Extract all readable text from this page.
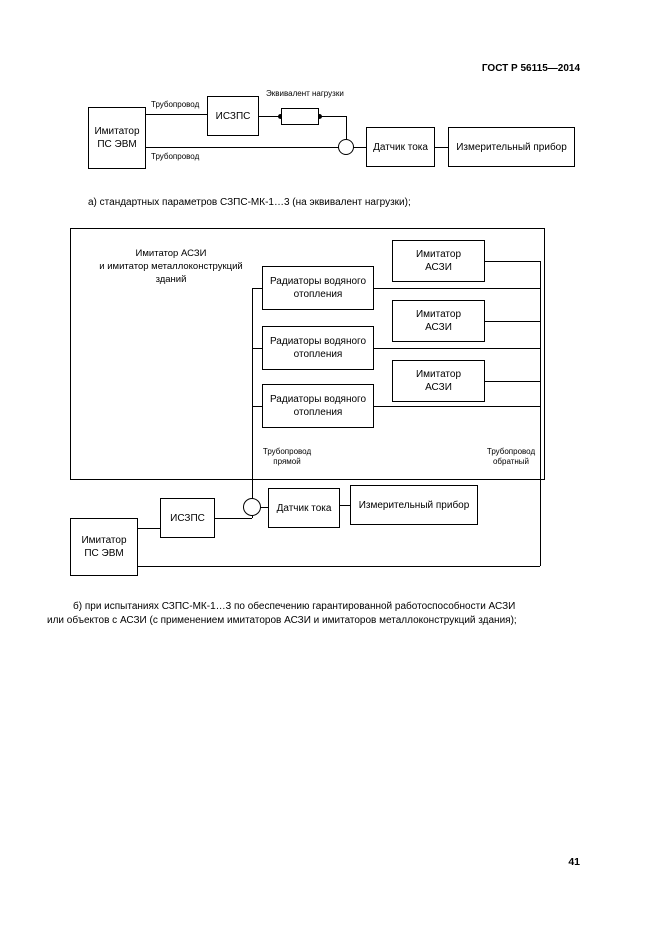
ГОСТ Р 56115—2014
Трубопровод
Эквивалент нагрузки
Трубопровод
Имитатор
ПС ЭВМ
ИСЗПС
Датчик тока	Измерительный прибор
а) стандартных параметров СЗПС-МК-1…3 (на эквивалент нагрузки);
Имитатор АСЗИ
и имитатор металлоконструкций
зданий	Радиаторы водяного
отопления
Радиаторы водяного
отопления
Радиаторы водяного
отопления
Имитатор
АСЗИ
Имитатор
АСЗИ
Имитатор
АСЗИ
Трубопровод
прямой
Трубопровод
обратный
ИСЗПС
Датчик тока	Измерительный прибор
Имитатор
ПС ЭВМ
б) при испытаниях СЗПС-МК-1…3 по обеспечению гарантированной работоспособности АСЗИ
или объектов с АСЗИ (с применением имитаторов АСЗИ и имитаторов металлоконструкций здания);
41
